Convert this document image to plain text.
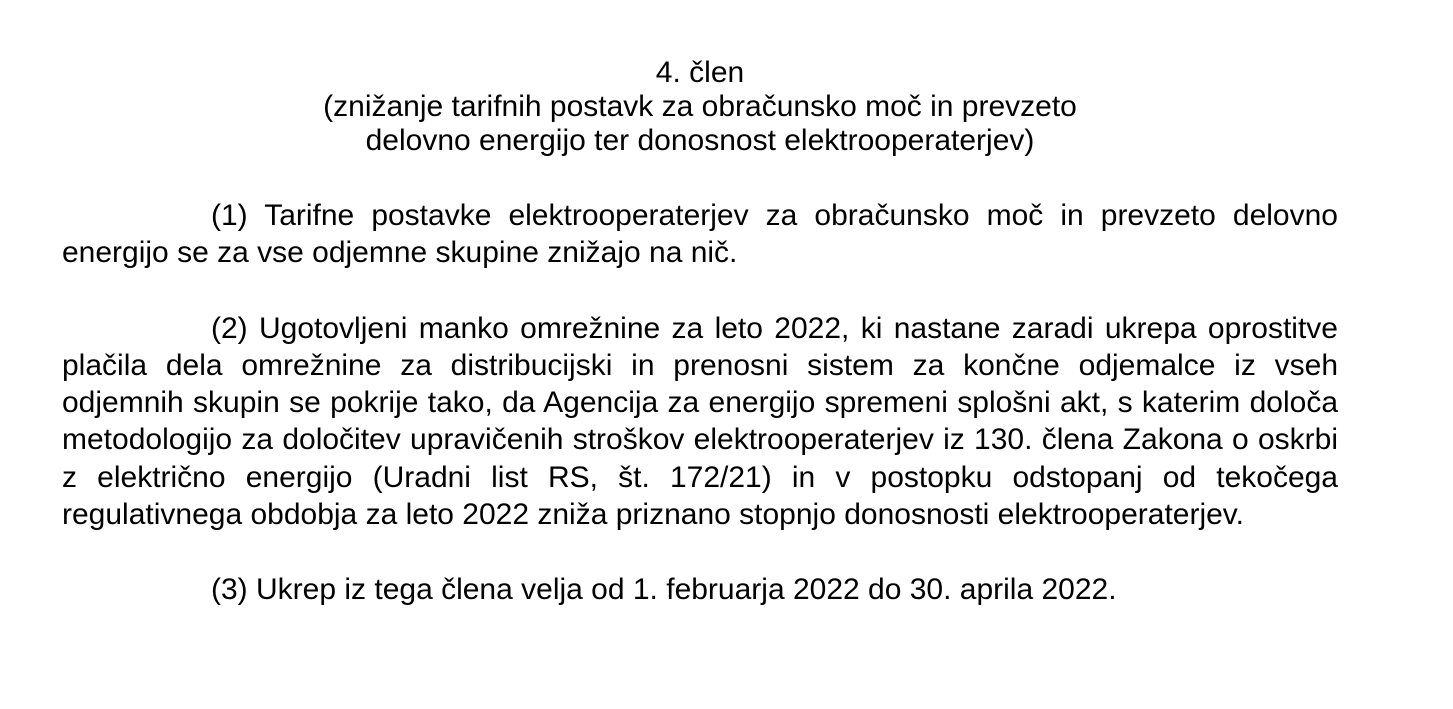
4. člen
(znižanje tarifnih postavk za obračunsko moč in prevzeto
delovno energijo ter donosnost elektrooperaterjev)

(1) Tarifne postavke elektrooperaterjev za obračunsko moč in prevzeto delovno energijo se za vse odjemne skupine znižajo na nič.

(2) Ugotovljeni manko omrežnine za leto 2022, ki nastane zaradi ukrepa oprostitve plačila dela omrežnine za distribucijski in prenosni sistem za končne odjemalce iz vseh odjemnih skupin se pokrije tako, da Agencija za energijo spremeni splošni akt, s katerim določa metodologijo za določitev upravičenih stroškov elektrooperaterjev iz 130. člena Zakona o oskrbi z električno energijo (Uradni list RS, št. 172/21) in v postopku odstopanj od tekočega regulativnega obdobja za leto 2022 zniža priznano stopnjo donosnosti elektrooperaterjev.

(3) Ukrep iz tega člena velja od 1. februarja 2022 do 30. aprila 2022.
